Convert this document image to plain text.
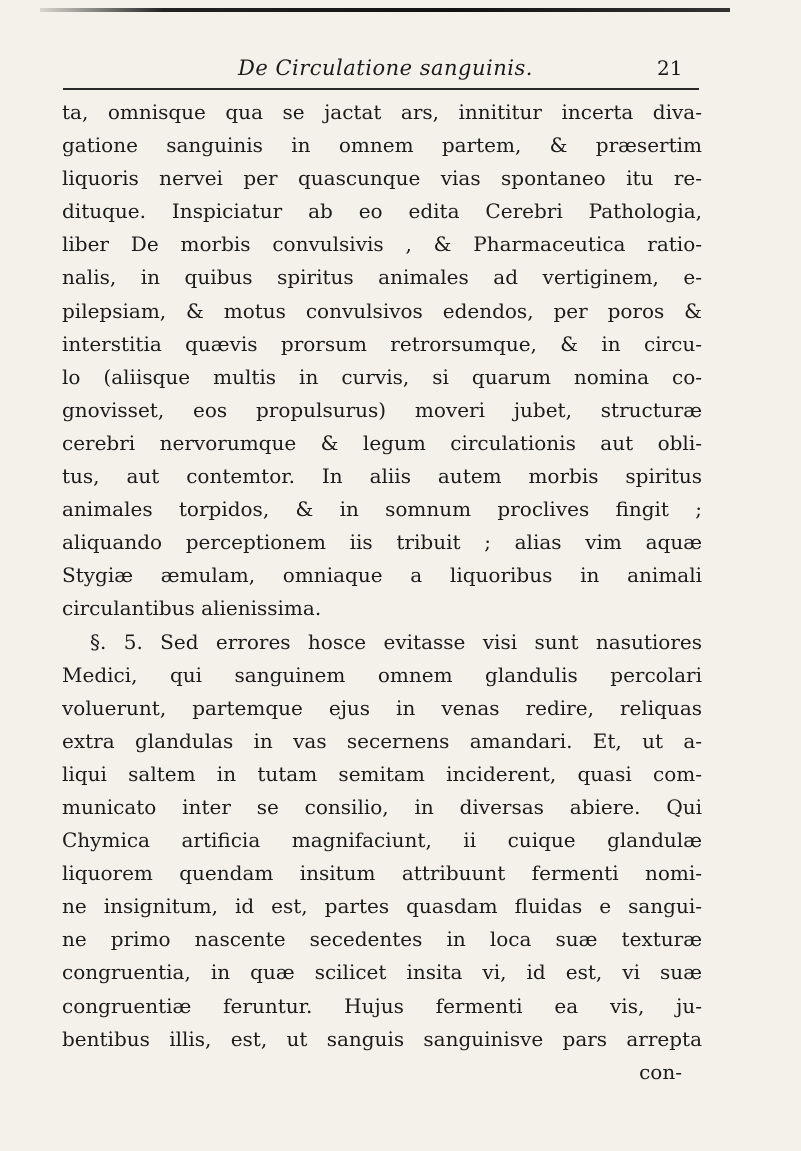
De Circulatione sanguinis.	21
ta, omnisque qua se jactat ars, innititur incerta diva-
gatione sanguinis in omnem partem, & præsertim
liquoris nervei per quascunque vias spontaneo itu re-
dituque. Inspiciatur ab eo edita Cerebri Pathologia,
liber De morbis convulsivis , & Pharmaceutica ratio-
nalis, in quibus spiritus animales ad vertiginem, e-
pilepsiam, & motus convulsivos edendos, per poros &
interstitia quævis prorsum retrorsumque, & in circu-
lo (aliisque multis in curvis, si quarum nomina co-
gnovisset, eos propulsurus) moveri jubet, structuræ
cerebri nervorumque & legum circulationis aut obli-
tus, aut contemtor. In aliis autem morbis spiritus
animales torpidos, & in somnum proclives fingit ;
aliquando perceptionem iis tribuit ; alias vim aquæ
Stygiæ æmulam, omniaque a liquoribus in animali
circulantibus alienissima.
§. 5. Sed errores hosce evitasse visi sunt nasutiores
Medici, qui sanguinem omnem glandulis percolari
voluerunt, partemque ejus in venas redire, reliquas
extra glandulas in vas secernens amandari. Et, ut a-
liqui saltem in tutam semitam inciderent, quasi com-
municato inter se consilio, in diversas abiere. Qui
Chymica artificia magnifaciunt, ii cuique glandulæ
liquorem quendam insitum attribuunt fermenti nomi-
ne insignitum, id est, partes quasdam fluidas e sangui-
ne primo nascente secedentes in loca suæ texturæ
congruentia, in quæ scilicet insita vi, id est, vi suæ
congruentiæ feruntur. Hujus fermenti ea vis, ju-
bentibus illis, est, ut sanguis sanguinisve pars arrepta
con-
